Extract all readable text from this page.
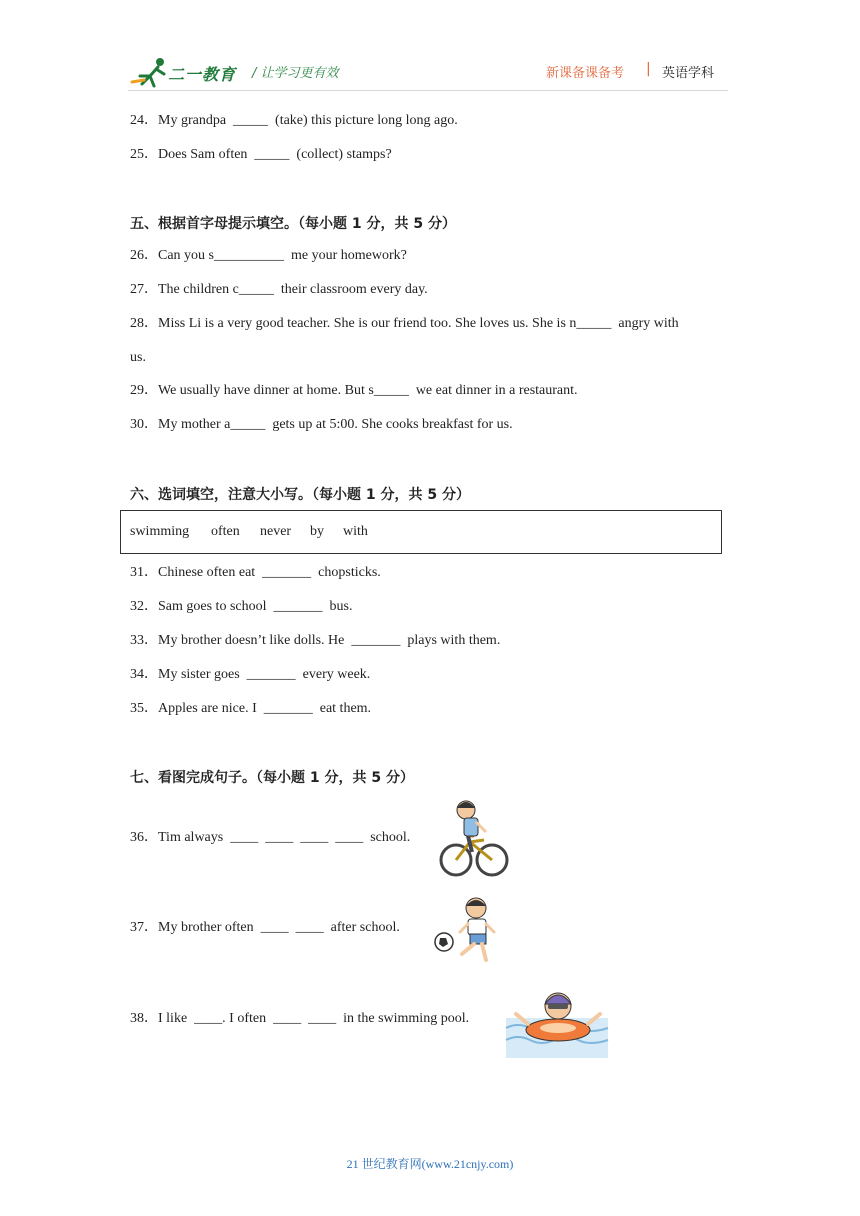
二一教育 / 让学习更有效	新课备课备考 | 英语学科
24．My grandpa  _____  (take) this picture long long ago.
25．Does Sam often  _____  (collect) stamps?
五、根据首字母提示填空。（每小题 1 分，共 5 分）
26．Can you s__________  me your homework?
27．The children c_____  their classroom every day.
28．Miss Li is a very good teacher. She is our friend too. She loves us. She is n_____  angry with
us.
29．We usually have dinner at home. But s_____  we eat dinner in a restaurant.
30．My mother a_____  gets up at 5:00. She cooks breakfast for us.
六、选词填空，注意大小写。（每小题 1 分，共 5 分）
swimming often never by with
31．Chinese often eat  _______  chopsticks.
32．Sam goes to school  _______  bus.
33．My brother doesn’t like dolls. He  _______  plays with them.
34．My sister goes  _______  every week.
35．Apples are nice. I  _______  eat them.
七、看图完成句子。（每小题 1 分，共 5 分）
36．Tim always  ____  ____  ____  ____  school.
37．My brother often  ____  ____  after school.
38．I like  ____. I often  ____  ____  in the swimming pool.
21 世纪教育网(www.21cnjy.com)
